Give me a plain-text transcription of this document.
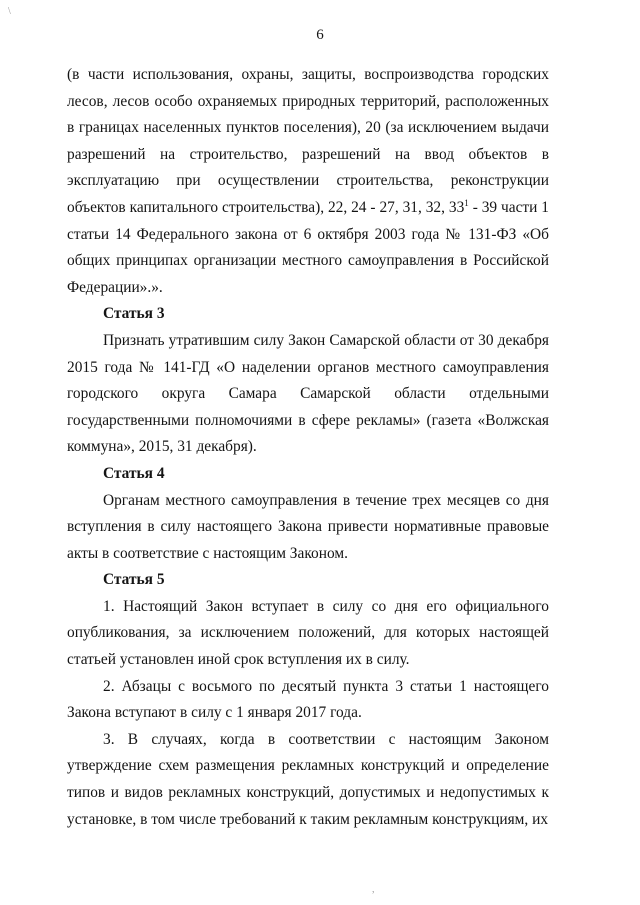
\
6

(в части использования, охраны, защиты, воспроизводства городских лесов, лесов особо охраняемых природных территорий, расположенных в границах населенных пунктов поселения), 20 (за исключением выдачи разрешений на строительство, разрешений на ввод объектов в эксплуатацию при осуществлении строительства, реконструкции объектов капитального строительства), 22, 24 - 27, 31, 32, $33^1 - 39$ части 1 статьи 14 Федерального закона от 6 октября 2003 года № 131-ФЗ «Об общих принципах организации местного самоуправления в Российской Федерации».».

Статья 3

Признать утратившим силу Закон Самарской области от 30 декабря 2015 года № 141-ГД «О наделении органов местного самоуправления городского округа Самара Самарской области отдельными государственными полномочиями в сфере рекламы» (газета «Волжская коммуна», 2015, 31 декабря).

Статья 4

Органам местного самоуправления в течение трех месяцев со дня вступления в силу настоящего Закона привести нормативные правовые акты в соответствие с настоящим Законом.

Статья 5

1. Настоящий Закон вступает в силу со дня его официального опубликования, за исключением положений, для которых настоящей статьей установлен иной срок вступления их в силу.

2. Абзацы с восьмого по десятый пункта 3 статьи 1 настоящего Закона вступают в силу с 1 января 2017 года.

3. В случаях, когда в соответствии с настоящим Законом утверждение схем размещения рекламных конструкций и определение типов и видов рекламных конструкций, допустимых и недопустимых к установке, в том числе требований к таким рекламным конструкциям, их

,
